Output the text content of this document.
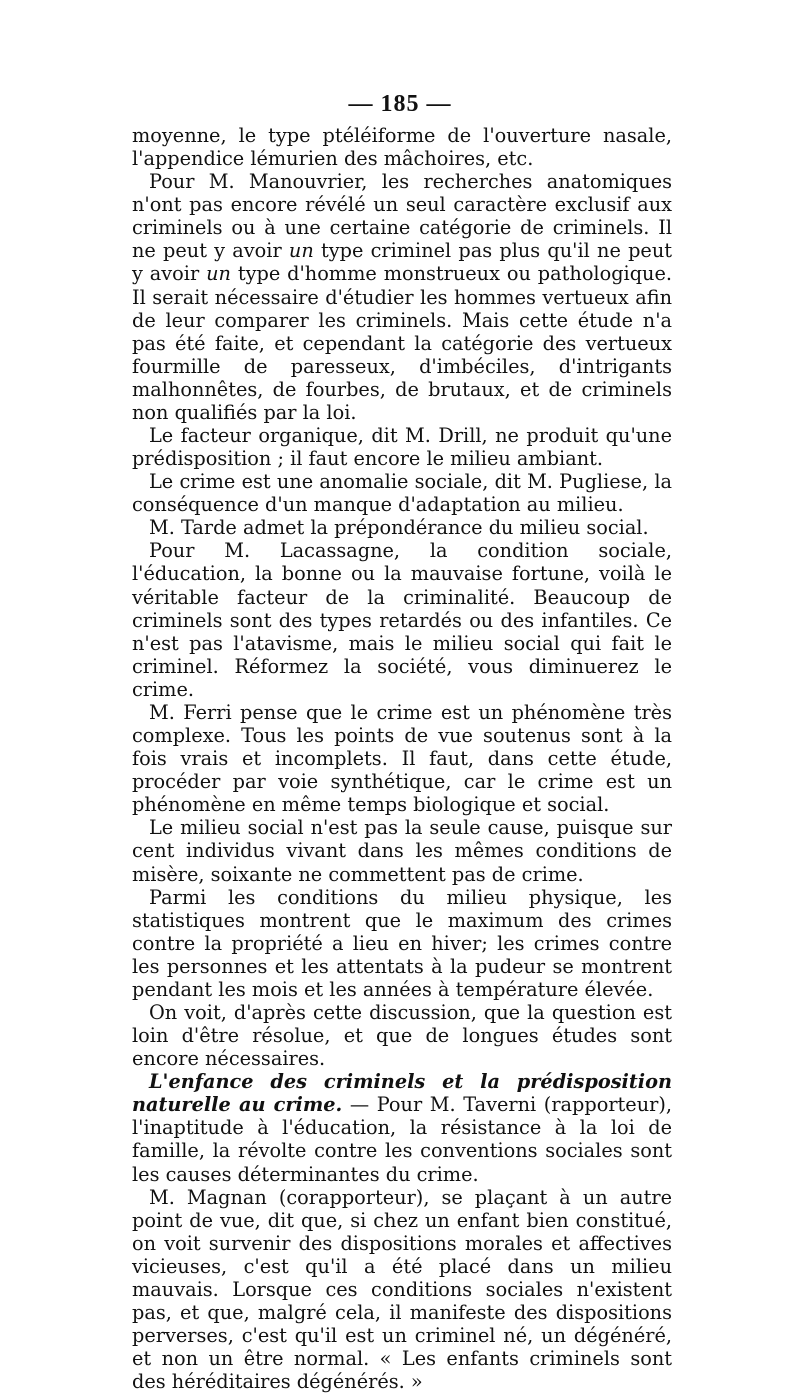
— 185 —

moyenne, le type ptéléiforme de l'ouverture nasale, l'appendice lémurien des mâchoires, etc.

Pour M. Manouvrier, les recherches anatomiques n'ont pas encore révélé un seul caractère exclusif aux criminels ou à une certaine catégorie de criminels. Il ne peut y avoir un type criminel pas plus qu'il ne peut y avoir un type d'homme monstrueux ou pathologique. Il serait nécessaire d'étudier les hommes vertueux afin de leur comparer les criminels. Mais cette étude n'a pas été faite, et cependant la catégorie des vertueux fourmille de paresseux, d'imbéciles, d'intrigants malhonnêtes, de fourbes, de brutaux, et de criminels non qualifiés par la loi.

Le facteur organique, dit M. Drill, ne produit qu'une prédisposition ; il faut encore le milieu ambiant.

Le crime est une anomalie sociale, dit M. Pugliese, la conséquence d'un manque d'adaptation au milieu.

M. Tarde admet la prépondérance du milieu social.

Pour M. Lacassagne, la condition sociale, l'éducation, la bonne ou la mauvaise fortune, voilà le véritable facteur de la criminalité. Beaucoup de criminels sont des types retardés ou des infantiles. Ce n'est pas l'atavisme, mais le milieu social qui fait le criminel. Réformez la société, vous diminuerez le crime.

M. Ferri pense que le crime est un phénomène très complexe. Tous les points de vue soutenus sont à la fois vrais et incomplets. Il faut, dans cette étude, procéder par voie synthétique, car le crime est un phénomène en même temps biologique et social.

Le milieu social n'est pas la seule cause, puisque sur cent individus vivant dans les mêmes conditions de misère, soixante ne commettent pas de crime.

Parmi les conditions du milieu physique, les statistiques montrent que le maximum des crimes contre la propriété a lieu en hiver; les crimes contre les personnes et les attentats à la pudeur se montrent pendant les mois et les années à température élevée.

On voit, d'après cette discussion, que la question est loin d'être résolue, et que de longues études sont encore nécessaires.

L'enfance des criminels et la prédisposition naturelle au crime. — Pour M. Taverni (rapporteur), l'inaptitude à l'éducation, la résistance à la loi de famille, la révolte contre les conventions sociales sont les causes déterminantes du crime.

M. Magnan (corapporteur), se plaçant à un autre point de vue, dit que, si chez un enfant bien constitué, on voit survenir des dispositions morales et affectives vicieuses, c'est qu'il a été placé dans un milieu mauvais. Lorsque ces conditions sociales n'existent pas, et que, malgré cela, il manifeste des dispositions perverses, c'est qu'il est un criminel né, un dégénéré, et non un être normal. « Les enfants criminels sont des héréditaires dégénérés. »
